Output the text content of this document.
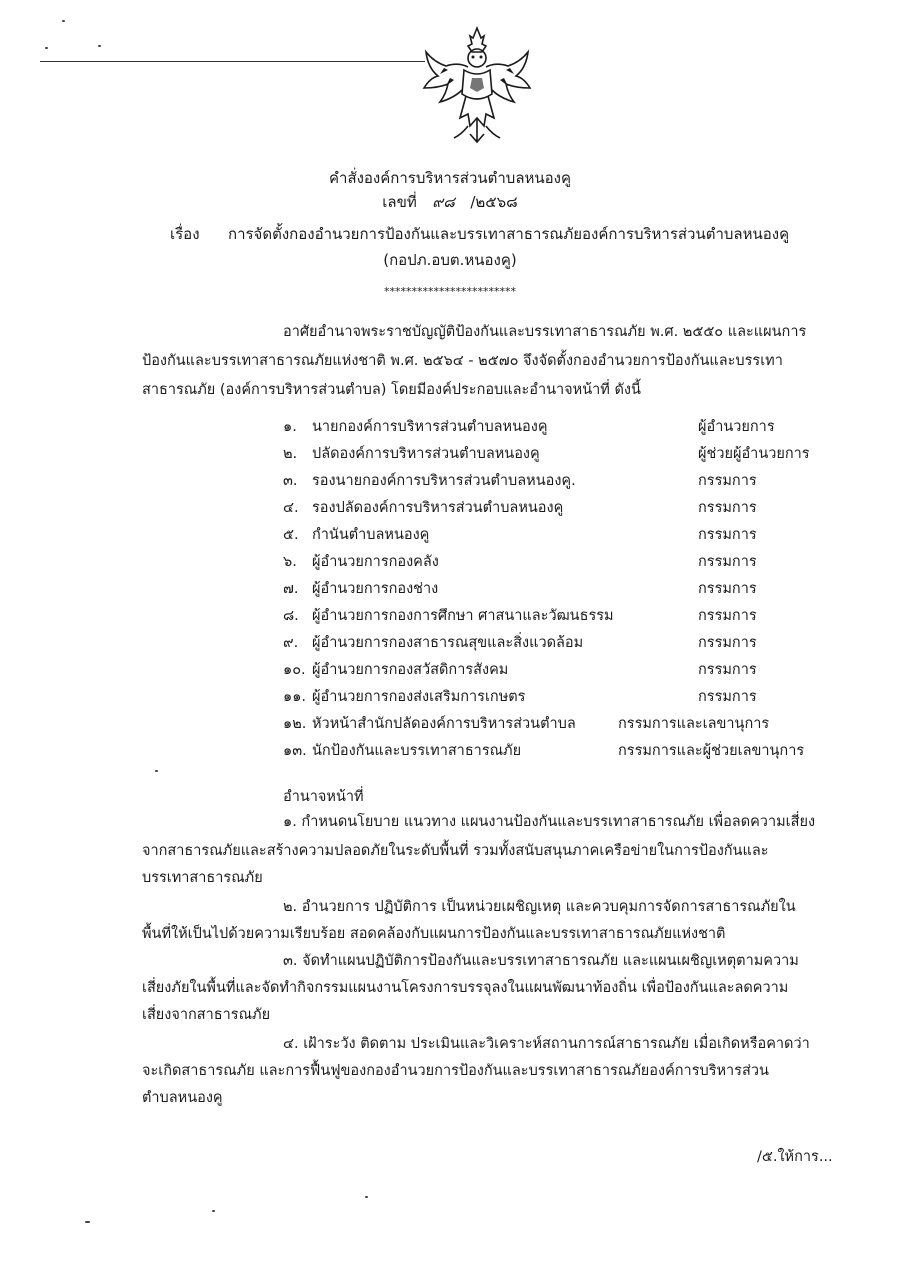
คำสั่งองค์การบริหารส่วนตำบลหนองคู
เลขที่ ๙๘ /๒๕๖๘
เรื่อง การจัดตั้งกองอำนวยการป้องกันและบรรเทาสาธารณภัยองค์การบริหารส่วนตำบลหนองคู
(กอปภ.อบต.หนองคู)
************************
อาศัยอำนาจพระราชบัญญัติป้องกันและบรรเทาสาธารณภัย พ.ศ. ๒๕๕๐ และแผนการ
ป้องกันและบรรเทาสาธารณภัยแห่งชาติ พ.ศ. ๒๕๖๔ - ๒๕๗๐ จึงจัดตั้งกองอำนวยการป้องกันและบรรเทา
สาธารณภัย (องค์การบริหารส่วนตำบล) โดยมีองค์ประกอบและอำนาจหน้าที่ ดังนี้
๑. นายกองค์การบริหารส่วนตำบลหนองคู	ผู้อำนวยการ
๒. ปลัดองค์การบริหารส่วนตำบลหนองคู	ผู้ช่วยผู้อำนวยการ
๓. รองนายกองค์การบริหารส่วนตำบลหนองคู.	กรรมการ
๔. รองปลัดองค์การบริหารส่วนตำบลหนองคู	กรรมการ
๕. กำนันตำบลหนองคู	กรรมการ
๖. ผู้อำนวยการกองคลัง	กรรมการ
๗. ผู้อำนวยการกองช่าง	กรรมการ
๘. ผู้อำนวยการกองการศึกษา ศาสนาและวัฒนธรรม	กรรมการ
๙. ผู้อำนวยการกองสาธารณสุขและสิ่งแวดล้อม	กรรมการ
๑๐. ผู้อำนวยการกองสวัสดิการสังคม	กรรมการ
๑๑. ผู้อำนวยการกองส่งเสริมการเกษตร	กรรมการ
๑๒. หัวหน้าสำนักปลัดองค์การบริหารส่วนตำบล	กรรมการและเลขานุการ
๑๓. นักป้องกันและบรรเทาสาธารณภัย	กรรมการและผู้ช่วยเลขานุการ
อำนาจหน้าที่
๑. กำหนดนโยบาย แนวทาง แผนงานป้องกันและบรรเทาสาธารณภัย เพื่อลดความเสี่ยง
จากสาธารณภัยและสร้างความปลอดภัยในระดับพื้นที่ รวมทั้งสนับสนุนภาคเครือข่ายในการป้องกันและ
บรรเทาสาธารณภัย
๒. อำนวยการ ปฏิบัติการ เป็นหน่วยเผชิญเหตุ และควบคุมการจัดการสาธารณภัยใน
พื้นที่ให้เป็นไปด้วยความเรียบร้อย สอดคล้องกับแผนการป้องกันและบรรเทาสาธารณภัยแห่งชาติ
๓. จัดทำแผนปฏิบัติการป้องกันและบรรเทาสาธารณภัย และแผนเผชิญเหตุตามความ
เสี่ยงภัยในพื้นที่และจัดทำกิจกรรมแผนงานโครงการบรรจุลงในแผนพัฒนาท้องถิ่น เพื่อป้องกันและลดความ
เสี่ยงจากสาธารณภัย
๔. เฝ้าระวัง ติดตาม ประเมินและวิเคราะห์สถานการณ์สาธารณภัย เมื่อเกิดหรือคาดว่า
จะเกิดสาธารณภัย และการฟื้นฟูของกองอำนวยการป้องกันและบรรเทาสาธารณภัยองค์การบริหารส่วน
ตำบลหนองคู
/๕.ให้การ...
